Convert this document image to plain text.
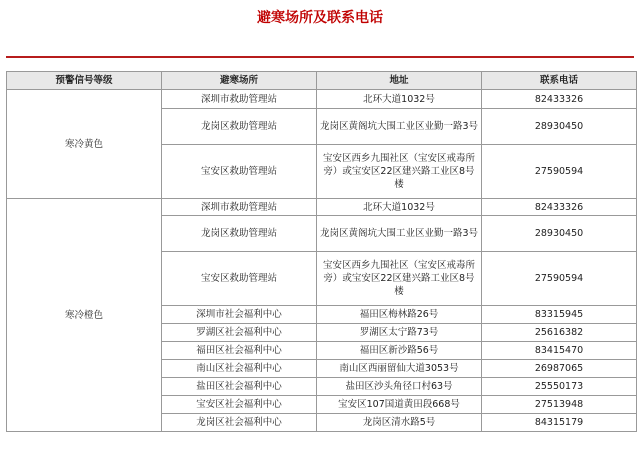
避寒场所及联系电话
预警信号等级	避寒场所	地址	联系电话
寒冷黄色	深圳市救助管理站	北环大道1032号	82433326
	龙岗区救助管理站	龙岗区黄阁坑大围工业区业勤一路3号	28930450
	宝安区救助管理站	宝安区西乡九围社区（宝安区戒毒所旁）或宝安区22区建兴路工业区8号楼	27590594
寒冷橙色	深圳市救助管理站	北环大道1032号	82433326
	龙岗区救助管理站	龙岗区黄阁坑大围工业区业勤一路3号	28930450
	宝安区救助管理站	宝安区西乡九围社区（宝安区戒毒所旁）或宝安区22区建兴路工业区8号楼	27590594
	深圳市社会福利中心	福田区梅林路26号	83315945
	罗湖区社会福利中心	罗湖区太宁路73号	25616382
	福田区社会福利中心	福田区新沙路56号	83415470
	南山区社会福利中心	南山区西丽留仙大道3053号	26987065
	盐田区社会福利中心	盐田区沙头角径口村63号	25550173
	宝安区社会福利中心	宝安区107国道黄田段668号	27513948
	龙岗区社会福利中心	龙岗区清水路5号	84315179
